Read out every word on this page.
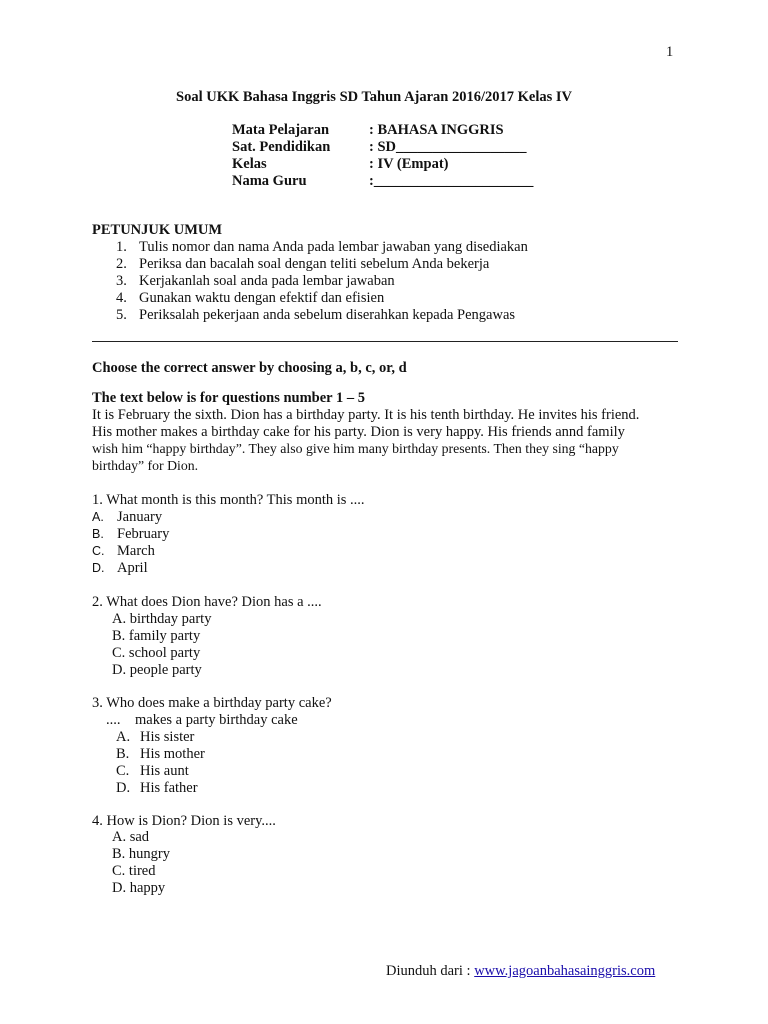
1
Soal UKK Bahasa Inggris SD Tahun Ajaran 2016/2017 Kelas IV
Mata Pelajaran	: BAHASA INGGRIS
Sat. Pendidikan	: SD__________________
Kelas	: IV (Empat)
Nama Guru	:______________________
PETUNJUK UMUM
1. Tulis nomor dan nama Anda pada lembar jawaban yang disediakan
2. Periksa dan bacalah soal dengan teliti sebelum Anda bekerja
3. Kerjakanlah soal anda pada lembar jawaban
4. Gunakan waktu dengan efektif dan efisien
5. Periksalah pekerjaan anda sebelum diserahkan kepada Pengawas
Choose the correct answer by choosing a, b, c, or, d
The text below is for questions number 1 – 5
It is February the sixth. Dion has a birthday party. It is his tenth birthday. He invites his friend.
His mother makes a birthday cake for his party. Dion is very happy. His friends annd family
wish him “happy birthday”. They also give him many birthday presents. Then they sing “happy
birthday” for Dion.
1. What month is this month? This month is ....
A. January
B. February
C. March
D. April
2. What does Dion have? Dion has a ....
A. birthday party
B. family party
C. school party
D. people party
3. Who does make a birthday party cake?
....    makes a party birthday cake
A. His sister
B. His mother
C. His aunt
D. His father
4. How is Dion? Dion is very....
A. sad
B. hungry
C. tired
D. happy
Diunduh dari : www.jagoanbahasainggris.com
